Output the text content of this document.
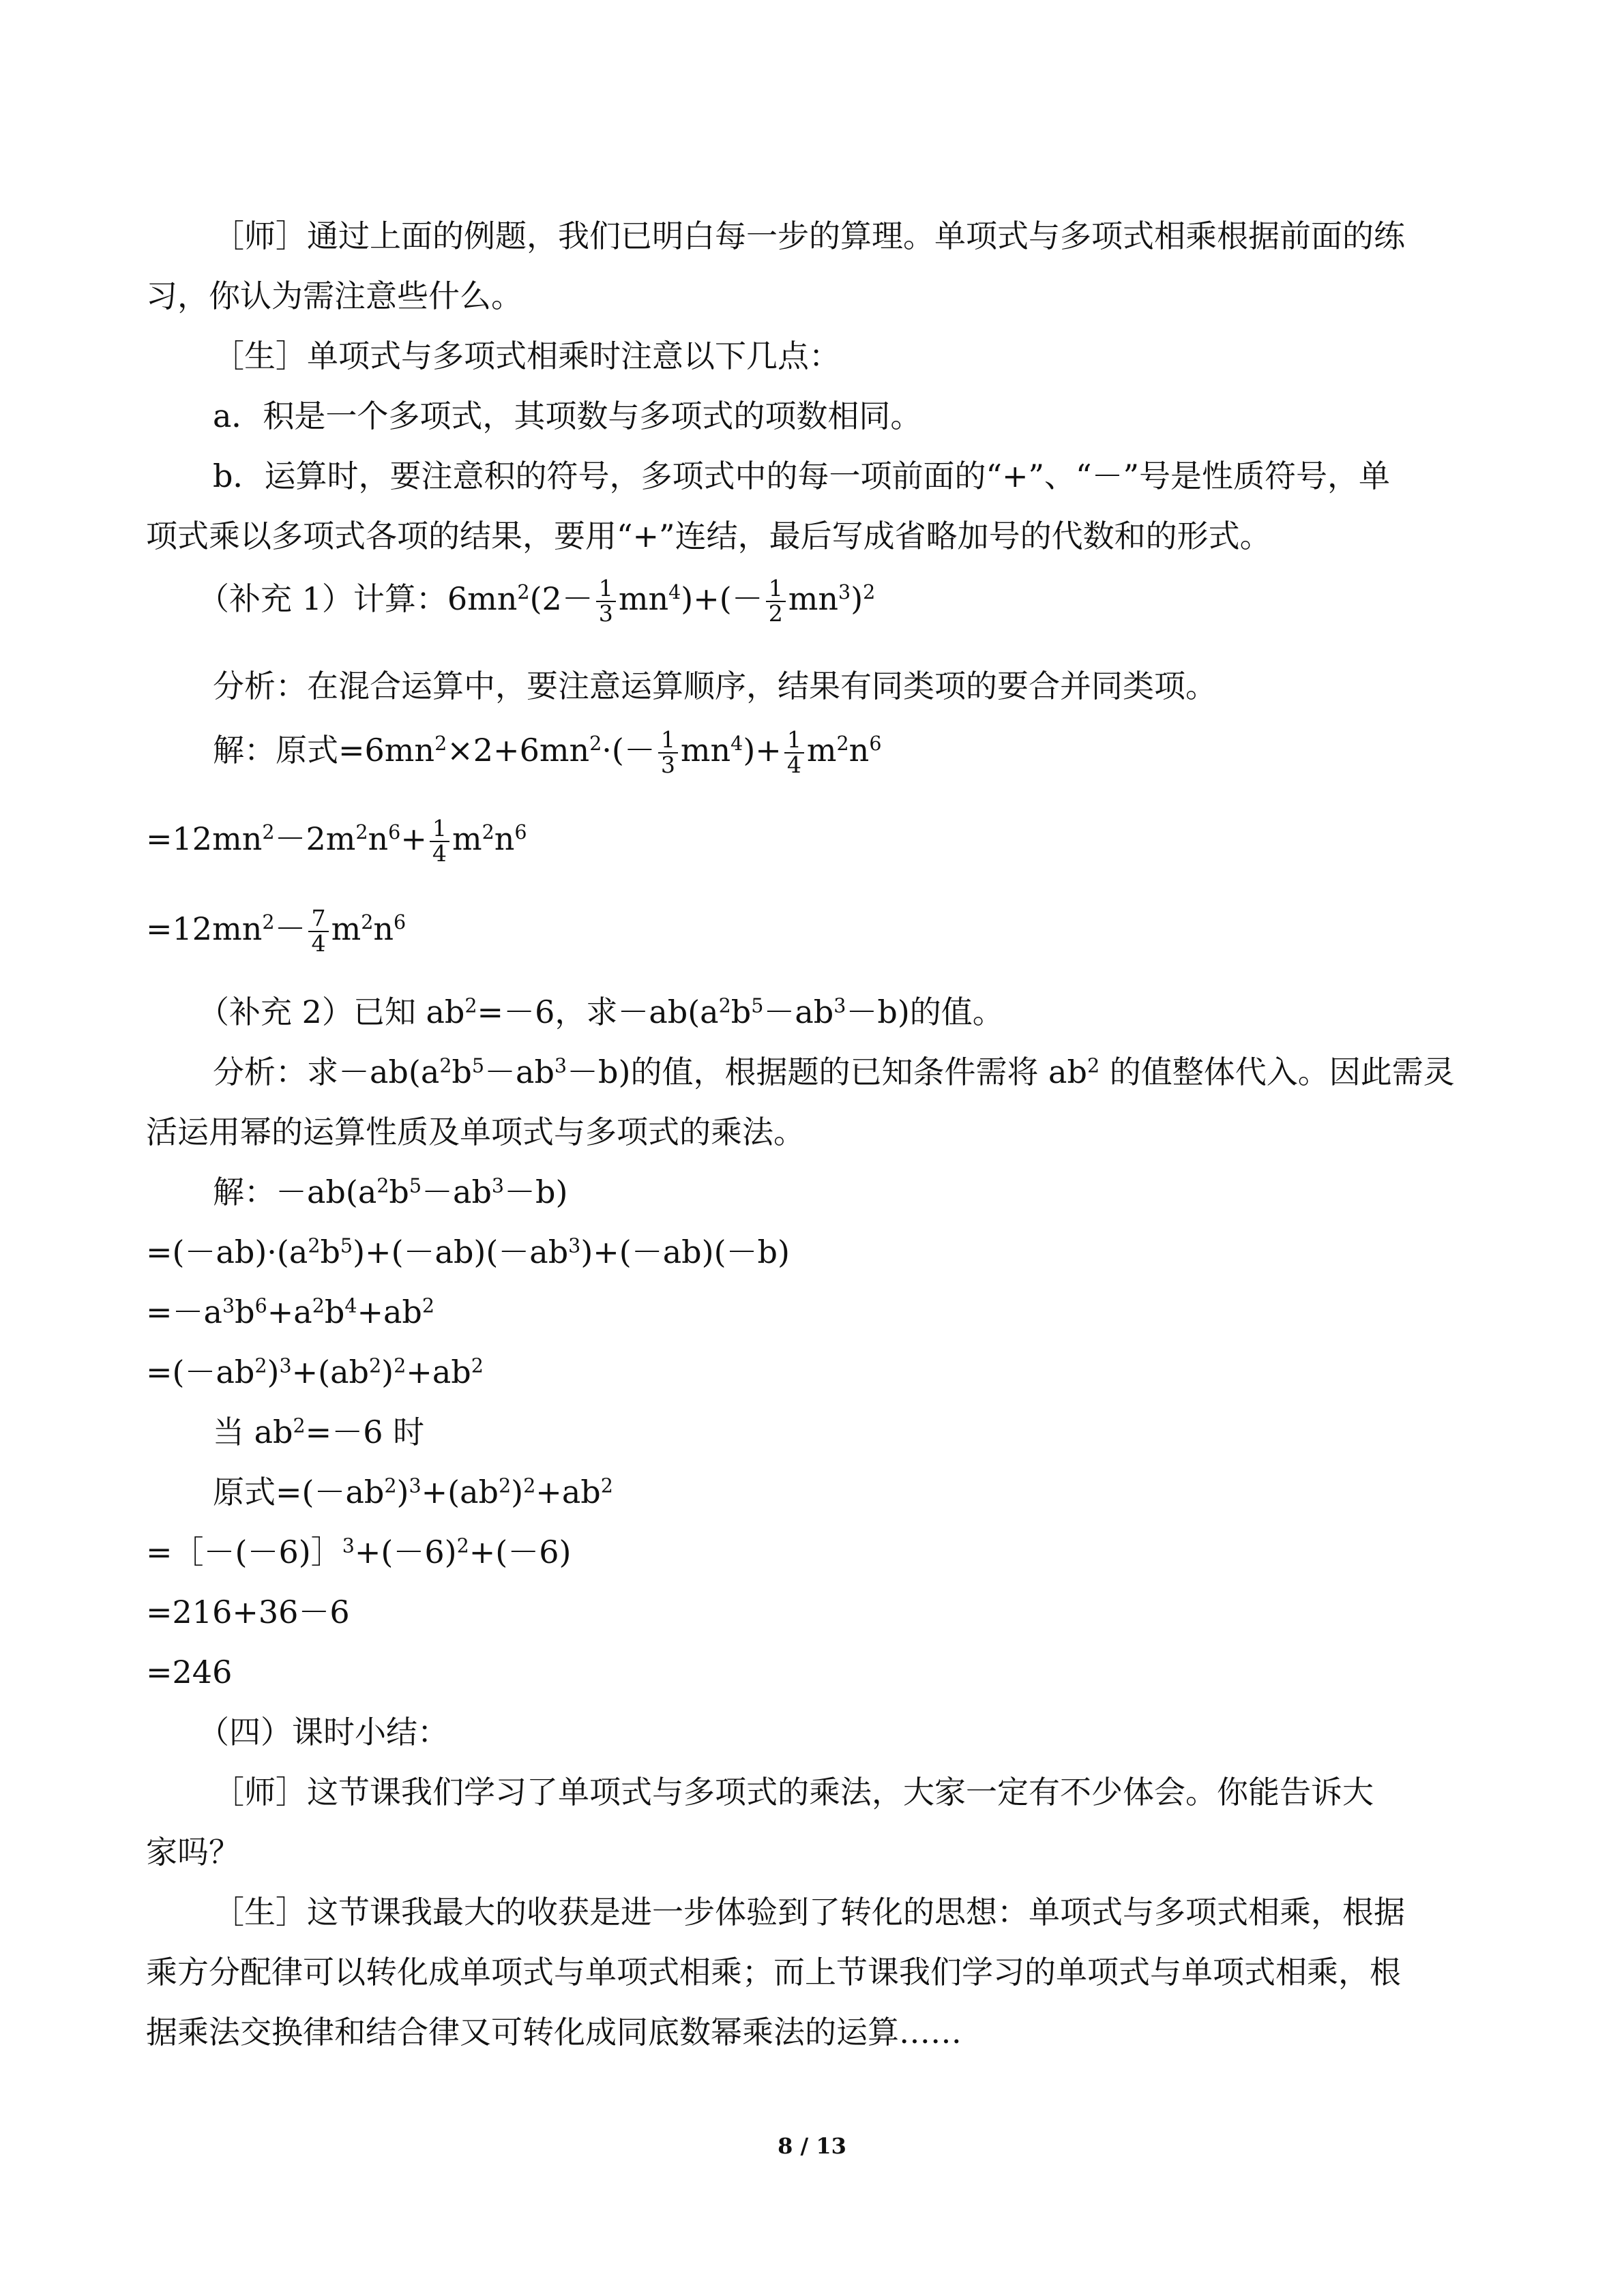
［师］通过上面的例题，我们已明白每一步的算理。单项式与多项式相乘根据前面的练
习，你认为需注意些什么。
［生］单项式与多项式相乘时注意以下几点：
a．积是一个多项式，其项数与多项式的项数相同。
b．运算时，要注意积的符号，多项式中的每一项前面的“+”、“－”号是性质符号，单
项式乘以多项式各项的结果，要用“+”连结，最后写成省略加号的代数和的形式。
（补充 1）计算：$6mn^2(2- \frac{1}{3} mn^4)+(- \frac{1}{2} mn^3)^2$
分析：在混合运算中，要注意运算顺序，结果有同类项的要合并同类项。
解：原式$=6mn^2\times 2+6mn^2\cdot(- \frac{1}{3} mn^4)+ \frac{1}{4} m^2n^6$
$=12mn^2-2m^2n^6+ \frac{1}{4} m^2n^6$
$=12mn^2- \frac{7}{4} m^2n^6$
（补充 2）已知 $ab^2=-6$，求$-ab(a^2b^5-ab^3-b)$的值。
分析：求$-ab(a^2b^5-ab^3-b)$的值，根据题的已知条件需将 $ab^2$ 的值整体代入。因此需灵
活运用幂的运算性质及单项式与多项式的乘法。
解：$-ab(a^2b^5-ab^3-b)$
$=(-ab)\cdot(a^2b^5)+(-ab)(-ab^3)+(-ab)(-b)$
$=-a^3b^6+a^2b^4+ab^2$
$=(-ab^2)^3+(ab^2)^2+ab^2$
当 $ab^2=-6$ 时
原式$=(-ab^2)^3+(ab^2)^2+ab^2$
$=[-(-6)]^3+(-6)^2+(-6)$
=216+36－6
=246
（四）课时小结：
［师］这节课我们学习了单项式与多项式的乘法，大家一定有不少体会。你能告诉大
家吗？
［生］这节课我最大的收获是进一步体验到了转化的思想：单项式与多项式相乘，根据
乘方分配律可以转化成单项式与单项式相乘；而上节课我们学习的单项式与单项式相乘，根
据乘法交换律和结合律又可转化成同底数幂乘法的运算……
8 / 13
